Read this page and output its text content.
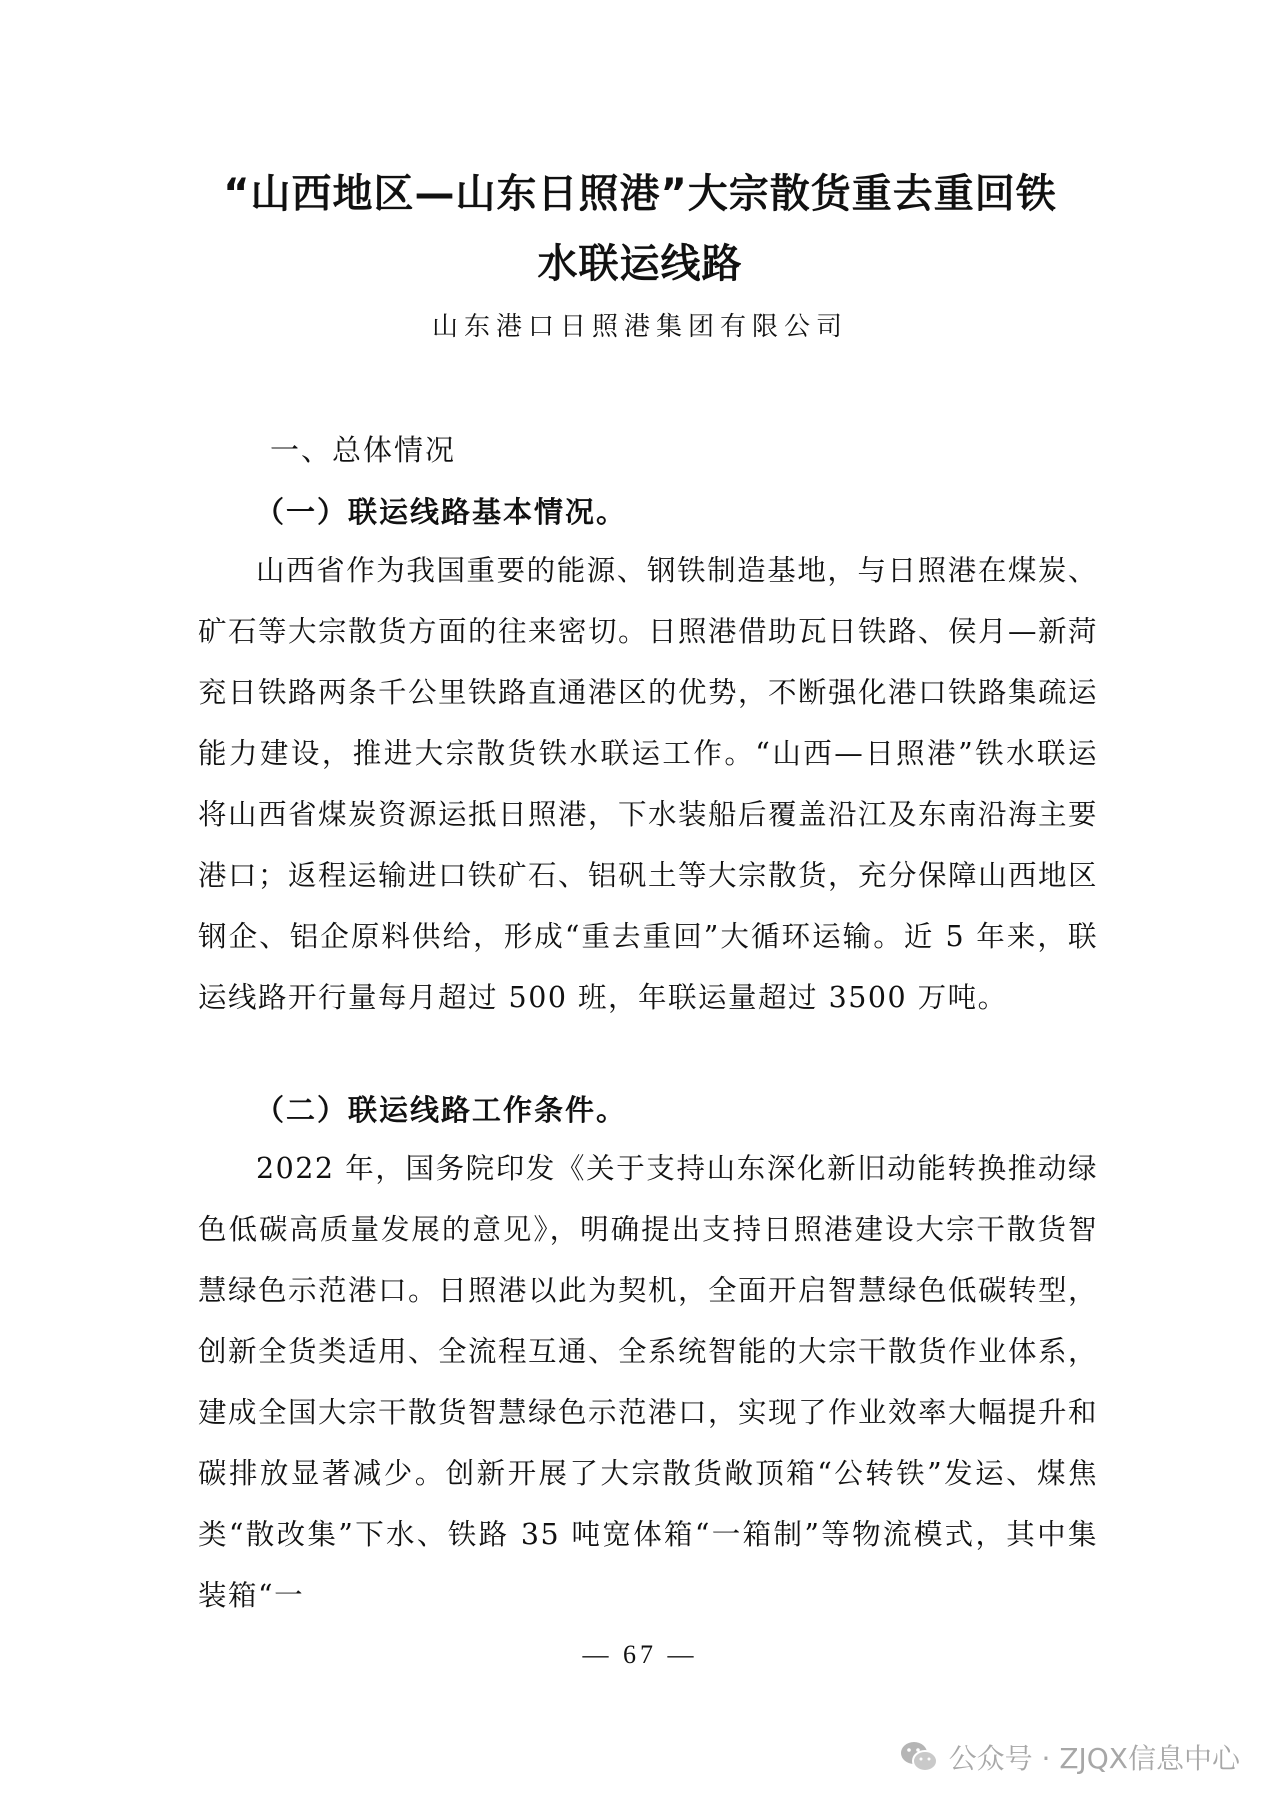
“山西地区—山东日照港”大宗散货重去重回铁
水联运线路
山东港口日照港集团有限公司
一、总体情况
（一）联运线路基本情况。

山西省作为我国重要的能源、钢铁制造基地，与日照港在煤炭、矿石等大宗散货方面的往来密切。日照港借助瓦日铁路、侯月—新菏兖日铁路两条千公里铁路直通港区的优势，不断强化港口铁路集疏运能力建设，推进大宗散货铁水联运工作。“山西—日照港”铁水联运将山西省煤炭资源运抵日照港，下水装船后覆盖沿江及东南沿海主要港口；返程运输进口铁矿石、铝矾土等大宗散货，充分保障山西地区钢企、铝企原料供给，形成“重去重回”大循环运输。近 5 年来，联运线路开行量每月超过 500 班，年联运量超过 3500 万吨。

（二）联运线路工作条件。

2022 年，国务院印发《关于支持山东深化新旧动能转换推动绿色低碳高质量发展的意见》，明确提出支持日照港建设大宗干散货智慧绿色示范港口。日照港以此为契机，全面开启智慧绿色低碳转型，创新全货类适用、全流程互通、全系统智能的大宗干散货作业体系，建成全国大宗干散货智慧绿色示范港口，实现了作业效率大幅提升和碳排放显著减少。创新开展了大宗散货敞顶箱“公转铁”发运、煤焦类“散改集”下水、铁路 35 吨宽体箱“一箱制”等物流模式，其中集装箱“一

— 67 —
公众号 · ZJQX信息中心
